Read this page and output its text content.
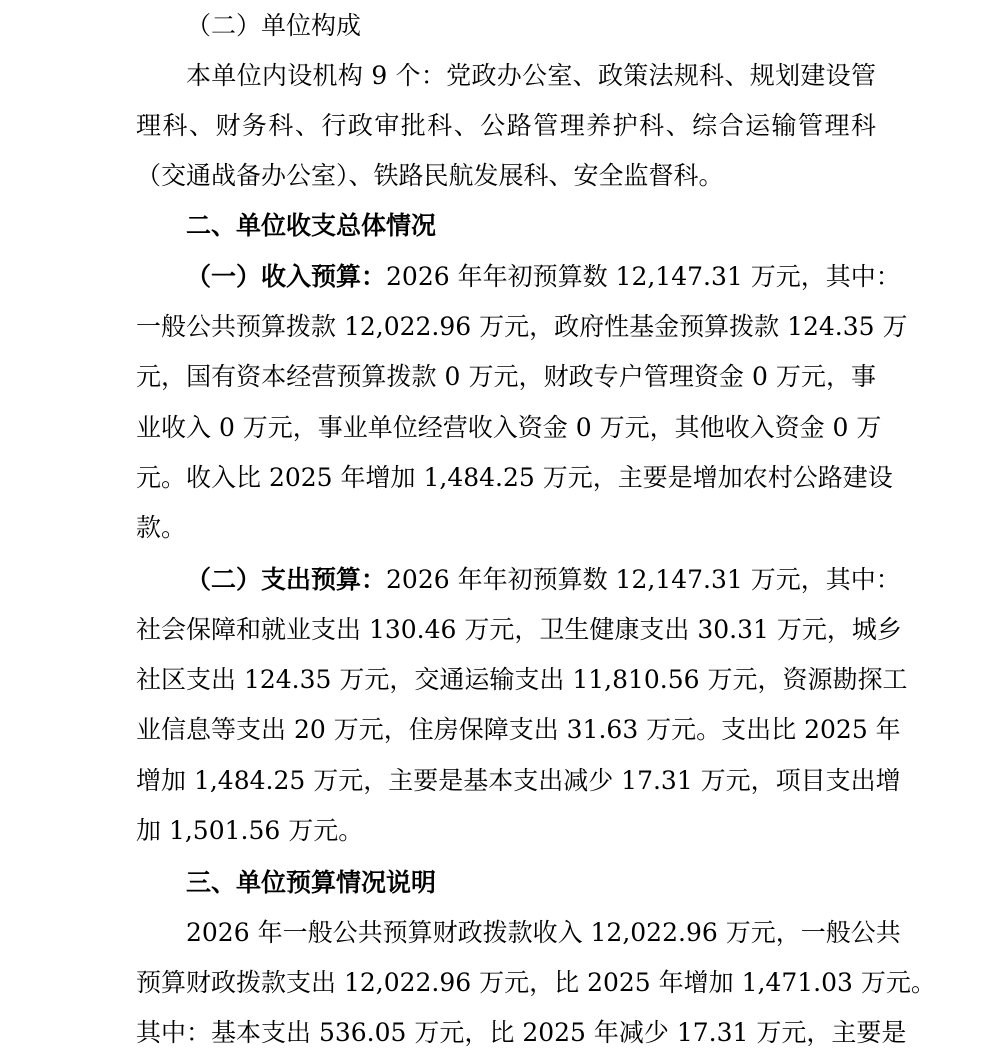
（二）单位构成
本单位内设机构 9 个：党政办公室、政策法规科、规划建设管
理科、财务科、行政审批科、公路管理养护科、综合运输管理科
（交通战备办公室）、铁路民航发展科、安全监督科。
二、单位收支总体情况
（一）收入预算：2026 年年初预算数 12,147.31 万元，其中：
一般公共预算拨款 12,022.96 万元，政府性基金预算拨款 124.35 万
元，国有资本经营预算拨款 0 万元，财政专户管理资金 0 万元，事
业收入 0 万元，事业单位经营收入资金 0 万元，其他收入资金 0 万
元。收入比 2025 年增加 1,484.25 万元，主要是增加农村公路建设
款。
（二）支出预算：2026 年年初预算数 12,147.31 万元，其中：
社会保障和就业支出 130.46 万元，卫生健康支出 30.31 万元，城乡
社区支出 124.35 万元，交通运输支出 11,810.56 万元，资源勘探工
业信息等支出 20 万元，住房保障支出 31.63 万元。支出比 2025 年
增加 1,484.25 万元，主要是基本支出减少 17.31 万元，项目支出增
加 1,501.56 万元。
三、单位预算情况说明
2026 年一般公共预算财政拨款收入 12,022.96 万元，一般公共
预算财政拨款支出 12,022.96 万元，比 2025 年增加 1,471.03 万元。
其中：基本支出 536.05 万元，比 2025 年减少 17.31 万元，主要是
